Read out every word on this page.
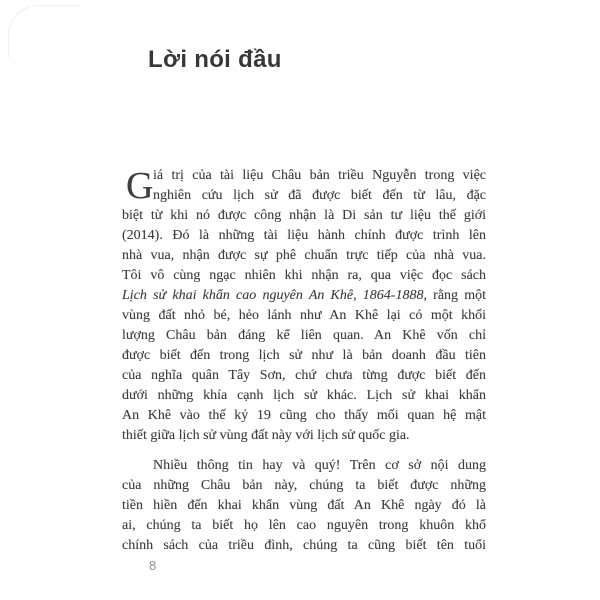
Lời nói đầu
G iá trị của tài liệu Châu bản triều Nguyễn trong việc
nghiên cứu lịch sử đã được biết đến từ lâu, đặc
biệt từ khi nó được công nhận là Di sản tư liệu thế giới
(2014). Đó là những tài liệu hành chính được trình lên
nhà vua, nhận được sự phê chuẩn trực tiếp của nhà vua.
Tôi vô cùng ngạc nhiên khi nhận ra, qua việc đọc sách
Lịch sử khai khẩn cao nguyên An Khê, 1864-1888, rằng một
vùng đất nhỏ bé, hẻo lánh như An Khê lại có một khối
lượng Châu bản đáng kể liên quan. An Khê vốn chỉ
được biết đến trong lịch sử như là bản doanh đầu tiên
của nghĩa quân Tây Sơn, chứ chưa từng được biết đến
dưới những khía cạnh lịch sử khác. Lịch sử khai khẩn
An Khê vào thế kỷ 19 cũng cho thấy mối quan hệ mật
thiết giữa lịch sử vùng đất này với lịch sử quốc gia.
Nhiều thông tin hay và quý! Trên cơ sở nội dung
của những Châu bản này, chúng ta biết được những
tiền hiền đến khai khẩn vùng đất An Khê ngày đó là
ai, chúng ta biết họ lên cao nguyên trong khuôn khổ
chính sách của triều đình, chúng ta cũng biết tên tuổi
8
